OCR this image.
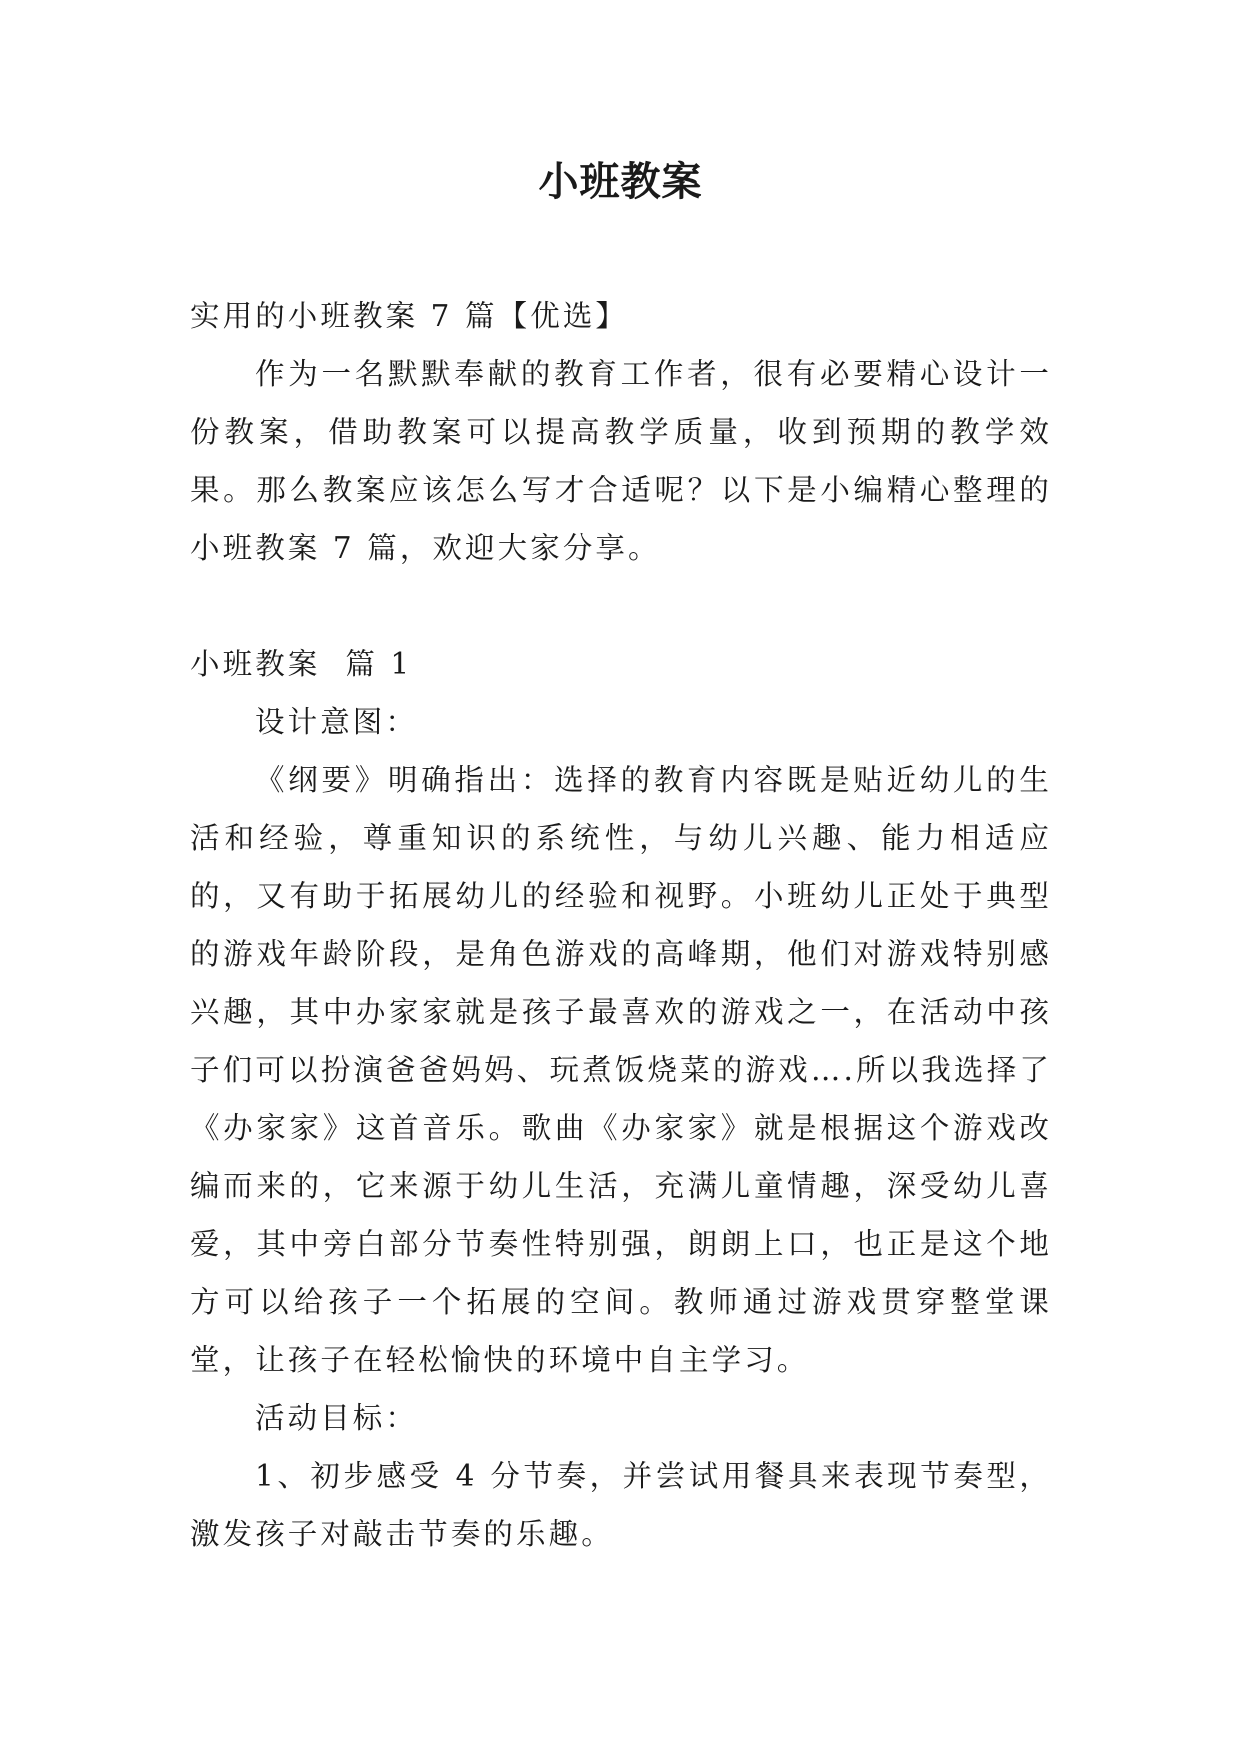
小班教案

实用的小班教案 7 篇【优选】

作为一名默默奉献的教育工作者，很有必要精心设计一份教案，借助教案可以提高教学质量，收到预期的教学效果。那么教案应该怎么写才合适呢？以下是小编精心整理的小班教案 7 篇，欢迎大家分享。

小班教案  篇 1

设计意图：

《纲要》明确指出：选择的教育内容既是贴近幼儿的生活和经验，尊重知识的系统性，与幼儿兴趣、能力相适应的，又有助于拓展幼儿的经验和视野。小班幼儿正处于典型的游戏年龄阶段，是角色游戏的高峰期，他们对游戏特别感兴趣，其中办家家就是孩子最喜欢的游戏之一，在活动中孩子们可以扮演爸爸妈妈、玩煮饭烧菜的游戏….所以我选择了《办家家》这首音乐。歌曲《办家家》就是根据这个游戏改编而来的，它来源于幼儿生活，充满儿童情趣，深受幼儿喜爱，其中旁白部分节奏性特别强，朗朗上口，也正是这个地方可以给孩子一个拓展的空间。教师通过游戏贯穿整堂课堂，让孩子在轻松愉快的环境中自主学习。

活动目标：

1、初步感受 4 分节奏，并尝试用餐具来表现节奏型，激发孩子对敲击节奏的乐趣。
